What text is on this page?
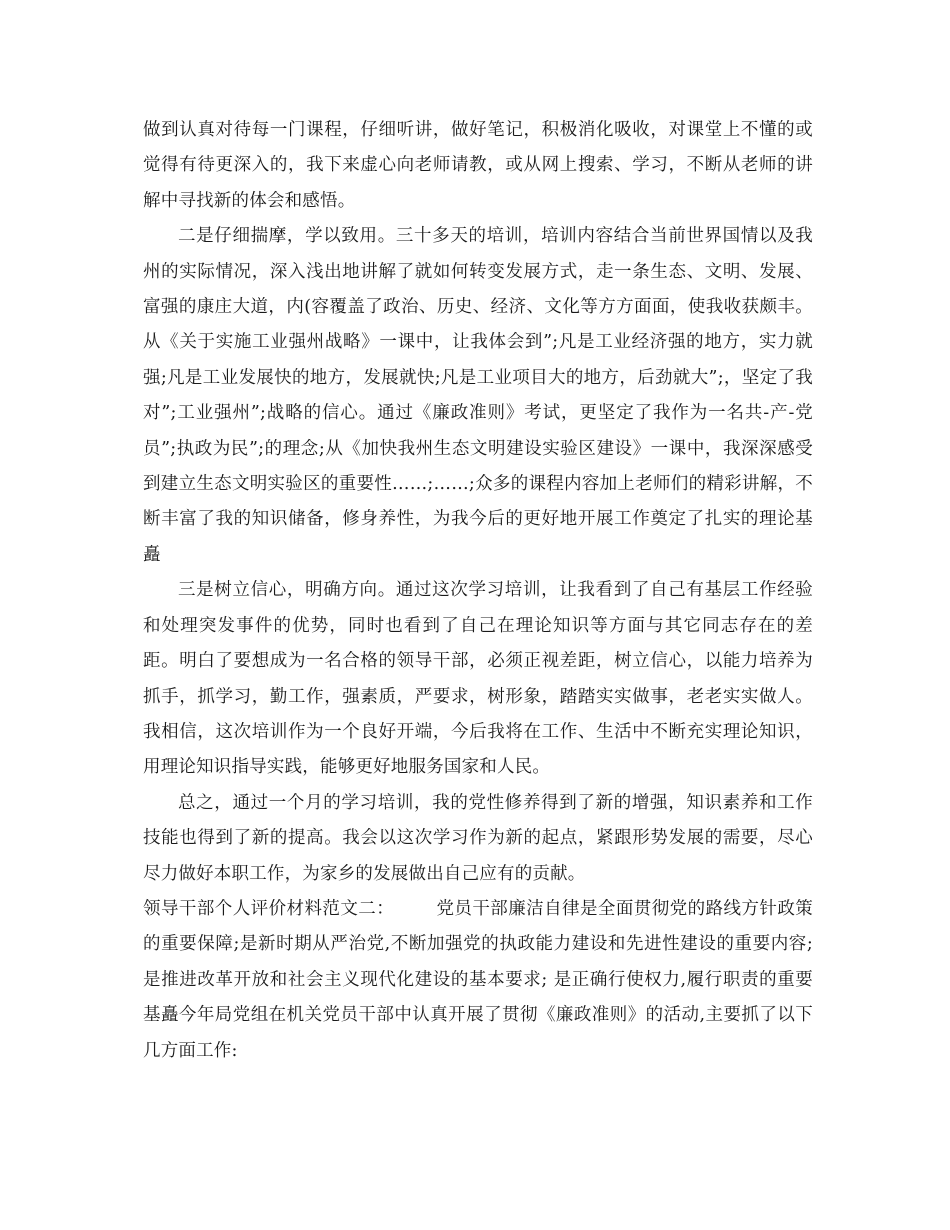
做到认真对待每一门课程，仔细听讲，做好笔记，积极消化吸收，对课堂上不懂的或觉得有待更深入的，我下来虚心向老师请教，或从网上搜索、学习，不断从老师的讲解中寻找新的体会和感悟。

二是仔细揣摩，学以致用。三十多天的培训，培训内容结合当前世界国情以及我州的实际情况，深入浅出地讲解了就如何转变发展方式，走一条生态、文明、发展、富强的康庄大道，内(容覆盖了政治、历史、经济、文化等方方面面，使我收获颇丰。从《关于实施工业强州战略》一课中，让我体会到”;凡是工业经济强的地方，实力就强;凡是工业发展快的地方，发展就快;凡是工业项目大的地方，后劲就大”;，坚定了我对”;工业强州”;战略的信心。通过《廉政准则》考试，更坚定了我作为一名共-产-党员”;执政为民”;的理念;从《加快我州生态文明建设实验区建设》一课中，我深深感受到建立生态文明实验区的重要性……;……;众多的课程内容加上老师们的精彩讲解，不断丰富了我的知识储备，修身养性，为我今后的更好地开展工作奠定了扎实的理论基矗

三是树立信心，明确方向。通过这次学习培训，让我看到了自己有基层工作经验和处理突发事件的优势，同时也看到了自己在理论知识等方面与其它同志存在的差距。明白了要想成为一名合格的领导干部，必须正视差距，树立信心，以能力培养为抓手，抓学习，勤工作，强素质，严要求，树形象，踏踏实实做事，老老实实做人。我相信，这次培训作为一个良好开端，今后我将在工作、生活中不断充实理论知识，用理论知识指导实践，能够更好地服务国家和人民。

总之，通过一个月的学习培训，我的党性修养得到了新的增强，知识素养和工作技能也得到了新的提高。我会以这次学习作为新的起点，紧跟形势发展的需要，尽心尽力做好本职工作，为家乡的发展做出自己应有的贡献。

领导干部个人评价材料范文二： 党员干部廉洁自律是全面贯彻党的路线方针政策的重要保障;是新时期从严治党,不断加强党的执政能力建设和先进性建设的重要内容;是推进改革开放和社会主义现代化建设的基本要求; 是正确行使权力,履行职责的重要基矗今年局党组在机关党员干部中认真开展了贯彻《廉政准则》的活动,主要抓了以下几方面工作:
